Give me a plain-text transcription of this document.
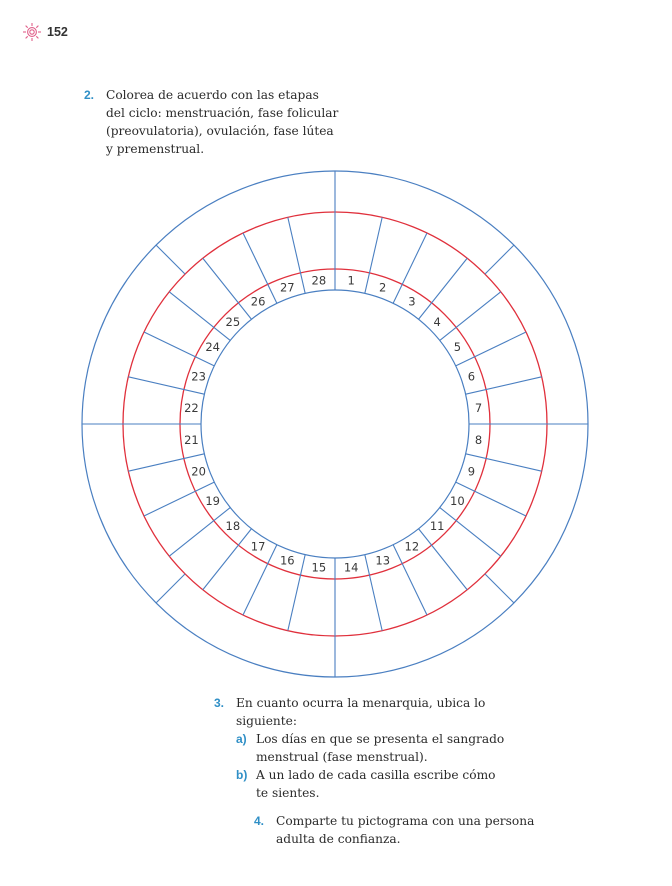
152
2. Colorea de acuerdo con las etapas
del ciclo: menstruación, fase folicular
(preovulatoria), ovulación, fase lútea
y premenstrual.
1
2
3
4
5
6
7
8
9
10
11
12
13
14
15
16
17
18
19
20
21
22
23
24
25
26
27
28
3. En cuanto ocurra la menarquia, ubica lo
siguiente:
a) Los días en que se presenta el sangrado
menstrual (fase menstrual).
b) A un lado de cada casilla escribe cómo
te sientes.
4. Comparte tu pictograma con una persona
adulta de confianza.
